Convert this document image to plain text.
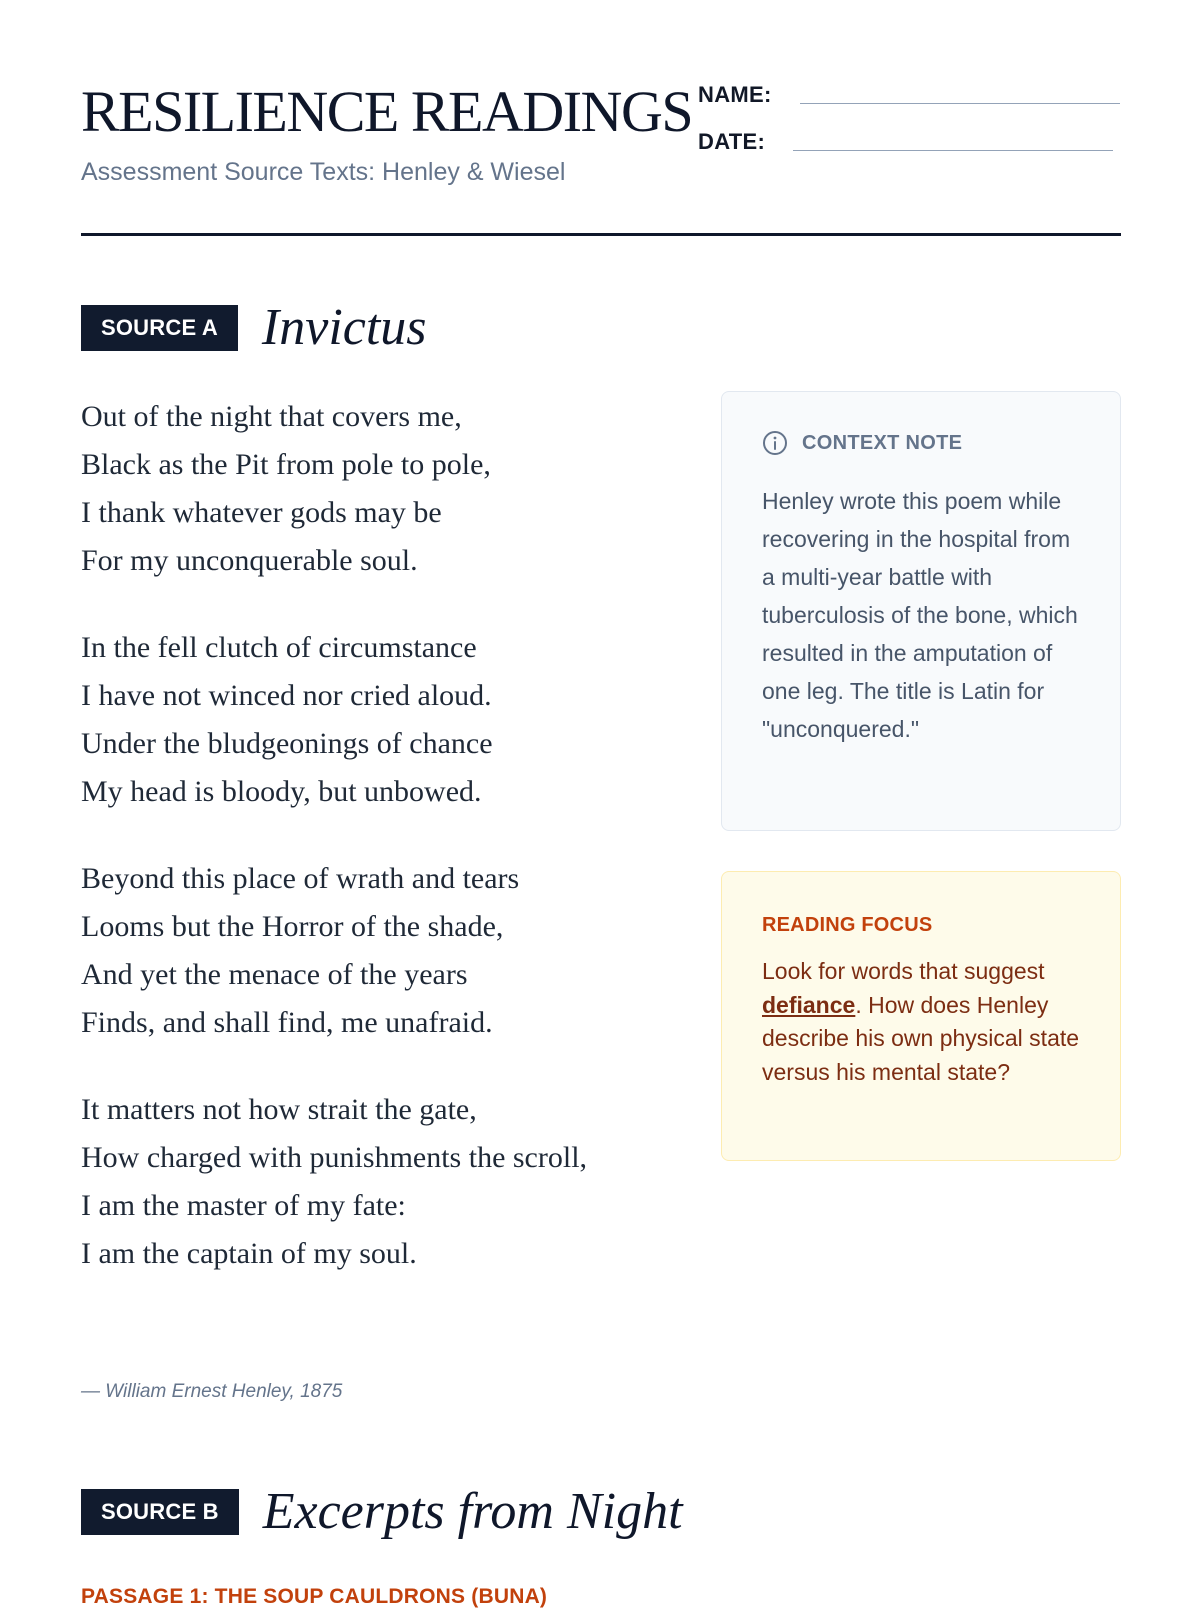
RESILIENCE READINGS
Assessment Source Texts: Henley & Wiesel
NAME:
DATE:
SOURCE A Invictus
Out of the night that covers me,
Black as the Pit from pole to pole,
I thank whatever gods may be
For my unconquerable soul.
In the fell clutch of circumstance
I have not winced nor cried aloud.
Under the bludgeonings of chance
My head is bloody, but unbowed.
Beyond this place of wrath and tears
Looms but the Horror of the shade,
And yet the menace of the years
Finds, and shall find, me unafraid.
It matters not how strait the gate,
How charged with punishments the scroll,
I am the master of my fate:
I am the captain of my soul.
— William Ernest Henley, 1875
CONTEXT NOTE
Henley wrote this poem while recovering in the hospital from a multi-year battle with tuberculosis of the bone, which resulted in the amputation of one leg. The title is Latin for "unconquered."
READING FOCUS
Look for words that suggest defiance. How does Henley describe his own physical state versus his mental state?
SOURCE B Excerpts from Night
PASSAGE 1: THE SOUP CAULDRONS (BUNA)
